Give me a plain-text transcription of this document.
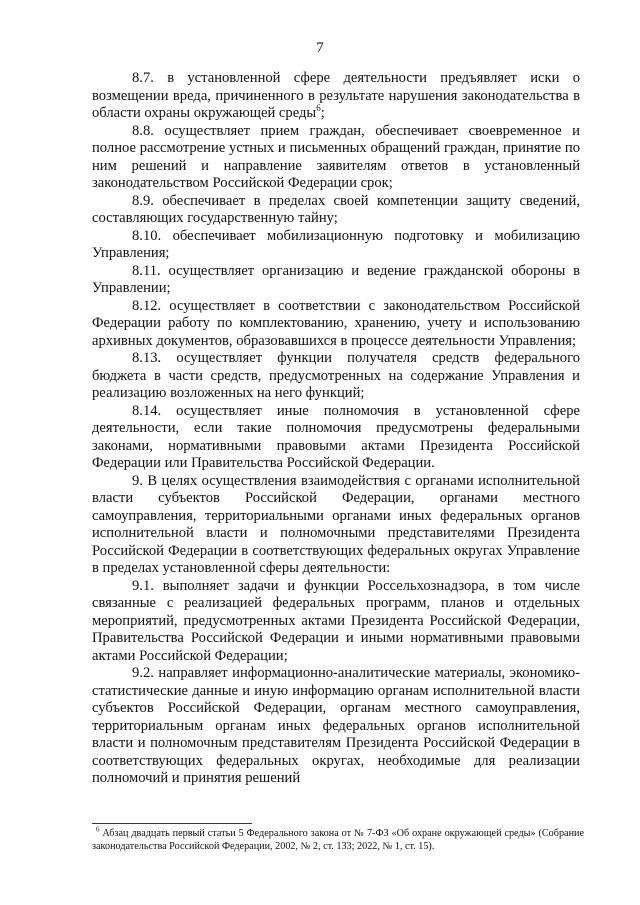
7

8.7. в установленной сфере деятельности предъявляет иски о возмещении вреда, причиненного в результате нарушения законодательства в области охраны окружающей среды$^6$;

8.8. осуществляет прием граждан, обеспечивает своевременное и полное рассмотрение устных и письменных обращений граждан, принятие по ним решений и направление заявителям ответов в установленный законодательством Российской Федерации срок;

8.9. обеспечивает в пределах своей компетенции защиту сведений, составляющих государственную тайну;

8.10. обеспечивает мобилизационную подготовку и мобилизацию Управления;

8.11. осуществляет организацию и ведение гражданской обороны в Управлении;

8.12. осуществляет в соответствии с законодательством Российской Федерации работу по комплектованию, хранению, учету и использованию архивных документов, образовавшихся в процессе деятельности Управления;

8.13. осуществляет функции получателя средств федерального бюджета в части средств, предусмотренных на содержание Управления и реализацию возложенных на него функций;

8.14. осуществляет иные полномочия в установленной сфере деятельности, если такие полномочия предусмотрены федеральными законами, нормативными правовыми актами Президента Российской Федерации или Правительства Российской Федерации.

9. В целях осуществления взаимодействия с органами исполнительной власти субъектов Российской Федерации, органами местного самоуправления, территориальными органами иных федеральных органов исполнительной власти и полномочными представителями Президента Российской Федерации в соответствующих федеральных округах Управление в пределах установленной сферы деятельности:

9.1. выполняет задачи и функции Россельхознадзора, в том числе связанные с реализацией федеральных программ, планов и отдельных мероприятий, предусмотренных актами Президента Российской Федерации, Правительства Российской Федерации и иными нормативными правовыми актами Российской Федерации;

9.2. направляет информационно-аналитические материалы, экономико-статистические данные и иную информацию органам исполнительной власти субъектов Российской Федерации, органам местного самоуправления, территориальным органам иных федеральных органов исполнительной власти и полномочным представителям Президента Российской Федерации в соответствующих федеральных округах, необходимые для реализации полномочий и принятия решений

$^6$ Абзац двадцать первый статьи 5 Федерального закона от № 7-ФЗ «Об охране окружающей среды» (Собрание законодательства Российской Федерации, 2002, № 2, ст. 133; 2022, № 1, ст. 15).
